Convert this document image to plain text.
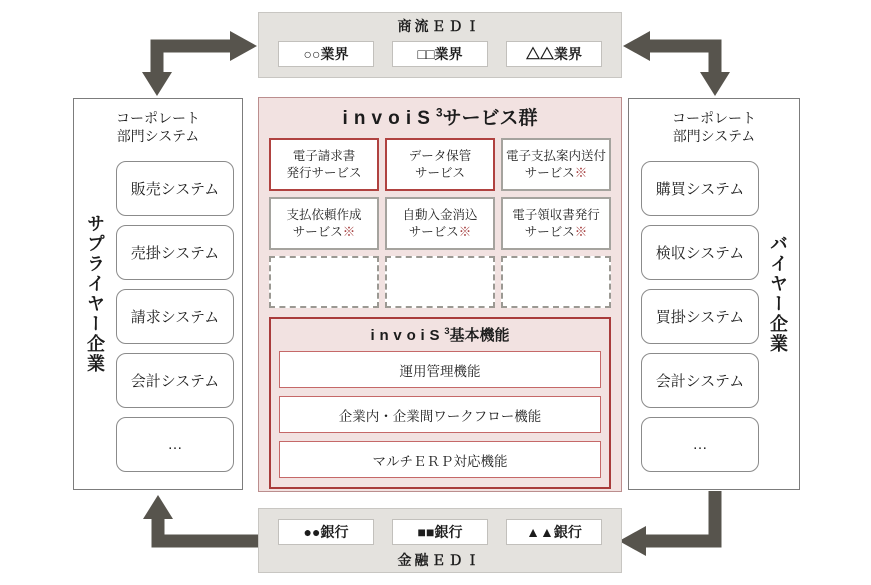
商流ＥＤＩ
○○業界	□□業界	△△業界
コーポレート
部門システム
サプライヤー企業
販売システム
売掛システム
請求システム
会計システム
…
コーポレート
部門システム
バイヤー企業
購買システム
検収システム
買掛システム
会計システム
…
invoiS$^3$サービス群
電子請求書
発行サービス
データ保管
サービス
電子支払案内送付
サービス※
支払依頼作成
サービス※
自動入金消込
サービス※
電子領収書発行
サービス※
invoiS$^3$基本機能
運用管理機能
企業内・企業間ワークフロー機能
マルチＥＲＰ対応機能
●●銀行	■■銀行	▲▲銀行
金融ＥＤＩ
